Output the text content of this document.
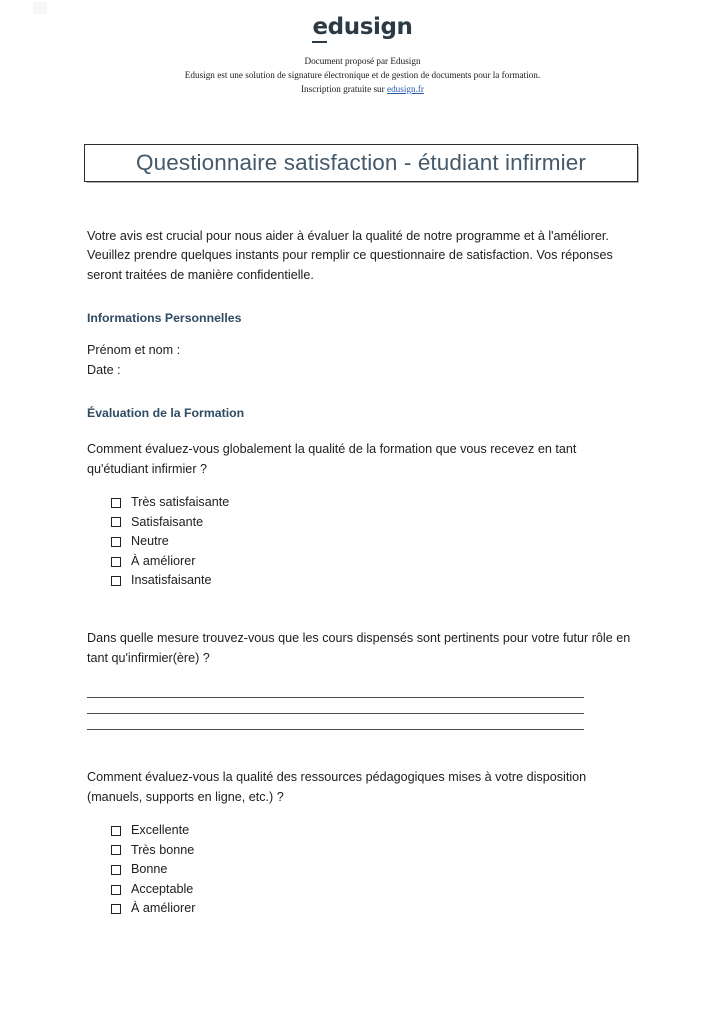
edusign
Document proposé par Edusign
Edusign est une solution de signature électronique et de gestion de documents pour la formation.
Inscription gratuite sur edusign.fr
Questionnaire satisfaction - étudiant infirmier

Votre avis est crucial pour nous aider à évaluer la qualité de notre programme et à l'améliorer. Veuillez prendre quelques instants pour remplir ce questionnaire de satisfaction. Vos réponses seront traitées de manière confidentielle.

Informations Personnelles
Prénom et nom :
Date :
Évaluation de la Formation

Comment évaluez-vous globalement la qualité de la formation que vous recevez en tant qu'étudiant infirmier ?

Très satisfaisante
Satisfaisante
Neutre
À améliorer
Insatisfaisante

Dans quelle mesure trouvez-vous que les cours dispensés sont pertinents pour votre futur rôle en tant qu'infirmier(ère) ?

Comment évaluez-vous la qualité des ressources pédagogiques mises à votre disposition (manuels, supports en ligne, etc.) ?

Excellente
Très bonne
Bonne
Acceptable
À améliorer
